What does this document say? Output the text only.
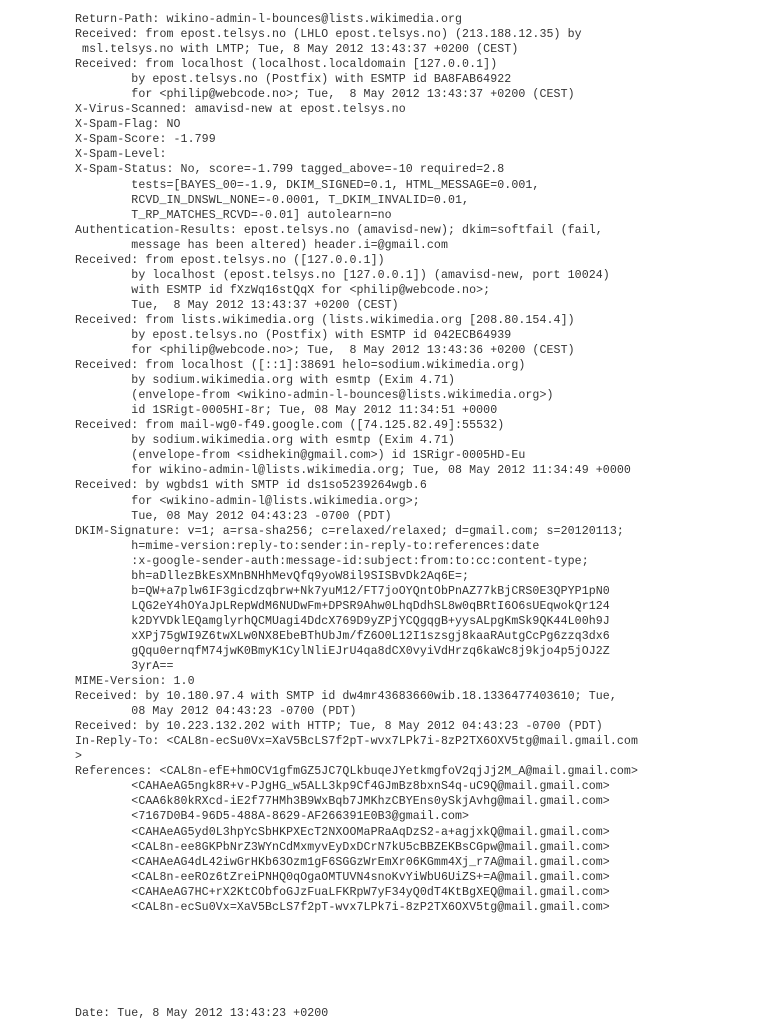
Return-Path: wikino-admin-l-bounces@lists.wikimedia.org
Received: from epost.telsys.no (LHLO epost.telsys.no) (213.188.12.35) by
msl.telsys.no with LMTP; Tue, 8 May 2012 13:43:37 +0200 (CEST)
Received: from localhost (localhost.localdomain [127.0.0.1])
by epost.telsys.no (Postfix) with ESMTP id BA8FAB64922
for <philip@webcode.no>; Tue,  8 May 2012 13:43:37 +0200 (CEST)
X-Virus-Scanned: amavisd-new at epost.telsys.no
X-Spam-Flag: NO
X-Spam-Score: -1.799
X-Spam-Level:
X-Spam-Status: No, score=-1.799 tagged_above=-10 required=2.8
tests=[BAYES_00=-1.9, DKIM_SIGNED=0.1, HTML_MESSAGE=0.001,
RCVD_IN_DNSWL_NONE=-0.0001, T_DKIM_INVALID=0.01,
T_RP_MATCHES_RCVD=-0.01] autolearn=no
Authentication-Results: epost.telsys.no (amavisd-new); dkim=softfail (fail,
message has been altered) header.i=@gmail.com
Received: from epost.telsys.no ([127.0.0.1])
by localhost (epost.telsys.no [127.0.0.1]) (amavisd-new, port 10024)
with ESMTP id fXzWq16stQqX for <philip@webcode.no>;
Tue,  8 May 2012 13:43:37 +0200 (CEST)
Received: from lists.wikimedia.org (lists.wikimedia.org [208.80.154.4])
by epost.telsys.no (Postfix) with ESMTP id 042ECB64939
for <philip@webcode.no>; Tue,  8 May 2012 13:43:36 +0200 (CEST)
Received: from localhost ([::1]:38691 helo=sodium.wikimedia.org)
by sodium.wikimedia.org with esmtp (Exim 4.71)
(envelope-from <wikino-admin-l-bounces@lists.wikimedia.org>)
id 1SRigt-0005HI-8r; Tue, 08 May 2012 11:34:51 +0000
Received: from mail-wg0-f49.google.com ([74.125.82.49]:55532)
by sodium.wikimedia.org with esmtp (Exim 4.71)
(envelope-from <sidhekin@gmail.com>) id 1SRigr-0005HD-Eu
for wikino-admin-l@lists.wikimedia.org; Tue, 08 May 2012 11:34:49 +0000
Received: by wgbds1 with SMTP id ds1so5239264wgb.6
for <wikino-admin-l@lists.wikimedia.org>;
Tue, 08 May 2012 04:43:23 -0700 (PDT)
DKIM-Signature: v=1; a=rsa-sha256; c=relaxed/relaxed; d=gmail.com; s=20120113;
h=mime-version:reply-to:sender:in-reply-to:references:date
:x-google-sender-auth:message-id:subject:from:to:cc:content-type;
bh=aDllezBkEsXMnBNHhMevQfq9yoW8il9SISBvDk2Aq6E=;
b=QW+a7plw6IF3gicdzqbrw+Nk7yuM12/FT7joOYQntObPnAZ77kBjCRS0E3QPYP1pN0
LQG2eY4hOYaJpLRepWdM6NUDwFm+DPSR9Ahw0LhqDdhSL8w0qBRtI6O6sUEqwokQr124
k2DYVDklEQamglyrhQCMUagi4DdcX769D9yZPjYCQgqgB+yysALpgKmSk9QK44L00h9J
xXPj75gWI9Z6twXLw0NX8EbeBThUbJm/fZ6O0L12I1szsgj8kaaRAutgCcPg6zzq3dx6
gQqu0ernqfM74jwK0BmyK1CylNliEJrU4qa8dCX0vyiVdHrzq6kaWc8j9kjo4p5jOJ2Z
3yrA==
MIME-Version: 1.0
Received: by 10.180.97.4 with SMTP id dw4mr43683660wib.18.1336477403610; Tue,
08 May 2012 04:43:23 -0700 (PDT)
Received: by 10.223.132.202 with HTTP; Tue, 8 May 2012 04:43:23 -0700 (PDT)
In-Reply-To: <CAL8n-ecSu0Vx=XaV5BcLS7f2pT-wvx7LPk7i-8zP2TX6OXV5tg@mail.gmail.com
>
References: <CAL8n-efE+hmOCV1gfmGZ5JC7QLkbuqeJYetkmgfoV2qjJj2M_A@mail.gmail.com>
<CAHAeAG5ngk8R+v-PJgHG_w5ALL3kp9Cf4GJmBz8bxnS4q-uC9Q@mail.gmail.com>
<CAA6k80kRXcd-iE2f77HMh3B9WxBqb7JMKhzCBYEns0ySkjAvhg@mail.gmail.com>
<7167D0B4-96D5-488A-8629-AF266391E0B3@gmail.com>
<CAHAeAG5yd0L3hpYcSbHKPXEcT2NXOOMaPRaAqDzS2-a+agjxkQ@mail.gmail.com>
<CAL8n-ee8GKPbNrZ3WYnCdMxmyvEyDxDCrN7kU5cBBZEKBsCGpw@mail.gmail.com>
<CAHAeAG4dL42iwGrHKb63Ozm1gF6SGGzWrEmXr06KGmm4Xj_r7A@mail.gmail.com>
<CAL8n-eeROz6tZreiPNHQ0qOgaOMTUVN4snoKvYiWbU6UiZS+=A@mail.gmail.com>
<CAHAeAG7HC+rX2KtCObfoGJzFuaLFKRpW7yF34yQ0dT4KtBgXEQ@mail.gmail.com>
<CAL8n-ecSu0Vx=XaV5BcLS7f2pT-wvx7LPk7i-8zP2TX6OXV5tg@mail.gmail.com>
Date: Tue, 8 May 2012 13:43:23 +0200
